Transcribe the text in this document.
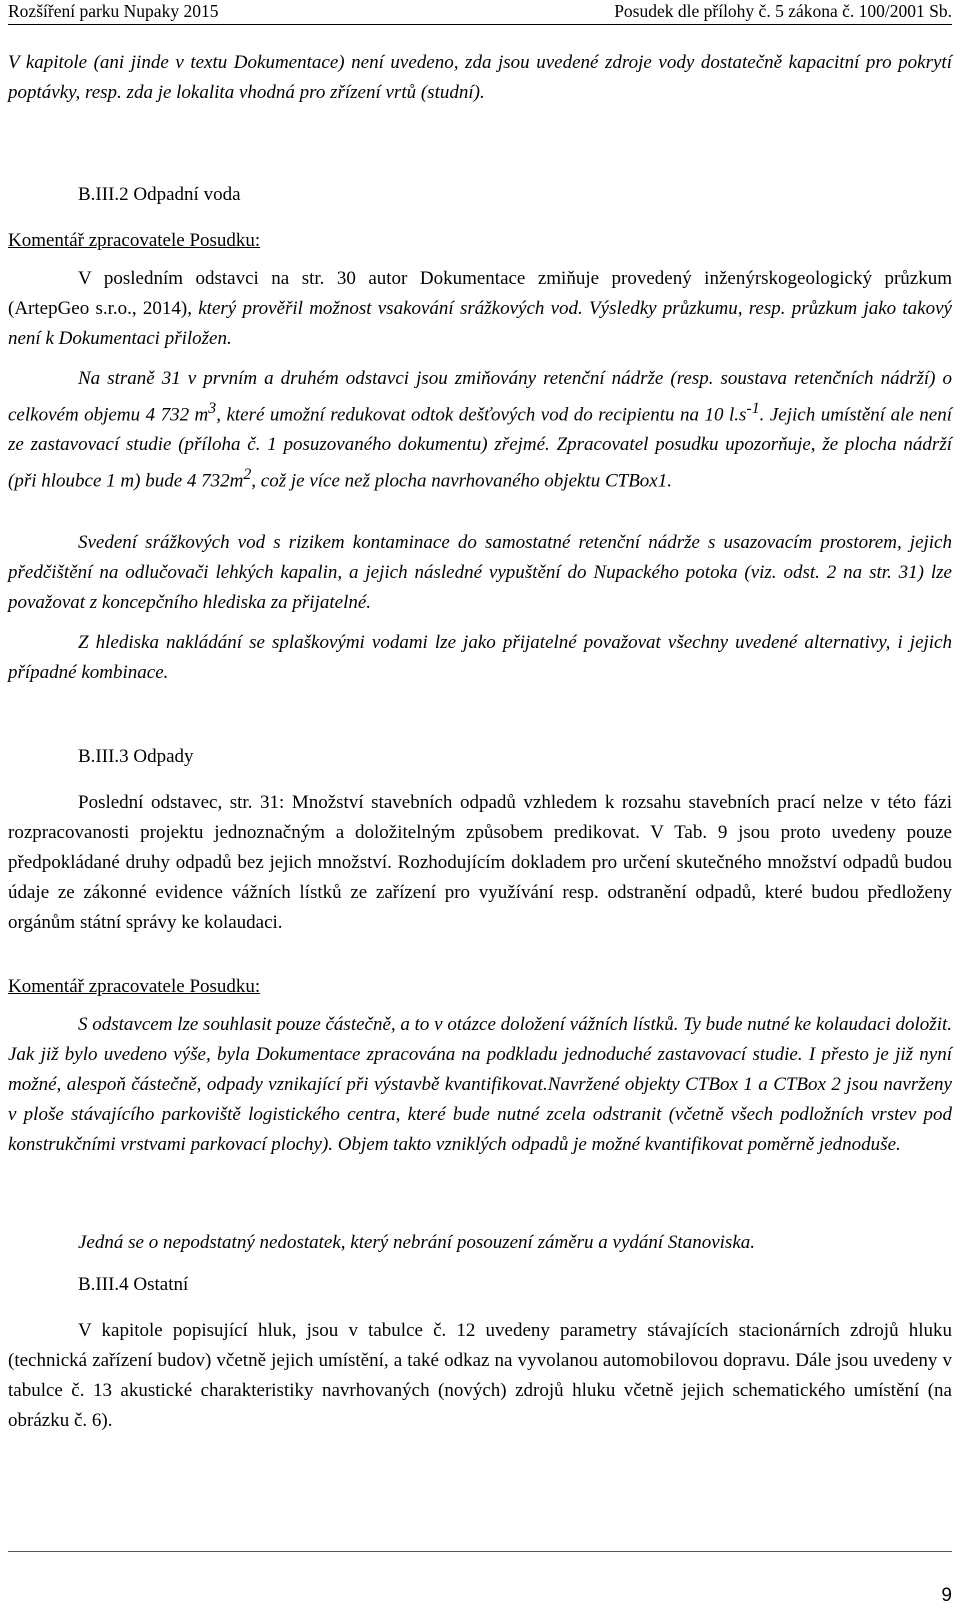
Rozšíření parku Nupaky 2015	Posudek dle přílohy č. 5 zákona č. 100/2001 Sb.

V kapitole (ani jinde v textu Dokumentace) není uvedeno, zda jsou uvedené zdroje vody dostatečně kapacitní pro pokrytí poptávky, resp. zda je lokalita vhodná pro zřízení vrtů (studní).

B.III.2 Odpadní voda

Komentář zpracovatele Posudku:

V posledním odstavci na str. 30 autor Dokumentace zmiňuje provedený inženýrskogeologický průzkum (ArtepGeo s.r.o., 2014), který prověřil možnost vsakování srážkových vod. Výsledky průzkumu, resp. průzkum jako takový není k Dokumentaci přiložen.

Na straně 31 v prvním a druhém odstavci jsou zmiňovány retenční nádrže (resp. soustava retenčních nádrží) o celkovém objemu 4 732 $m^3$, které umožní redukovat odtok dešťových vod do recipientu na 10 $l.s^{-1}$. Jejich umístění ale není ze zastavovací studie (příloha č. 1 posuzovaného dokumentu) zřejmé. Zpracovatel posudku upozorňuje, že plocha nádrží (při hloubce 1 m) bude 4 $732m^2$, což je více než plocha navrhovaného objektu CTBox1.

Svedení srážkových vod s rizikem kontaminace do samostatné retenční nádrže s usazovacím prostorem, jejich předčištění na odlučovači lehkých kapalin, a jejich následné vypuštění do Nupackého potoka (viz. odst. 2 na str. 31) lze považovat z koncepčního hlediska za přijatelné.

Z hlediska nakládání se splaškovými vodami lze jako přijatelné považovat všechny uvedené alternativy, i jejich případné kombinace.

B.III.3 Odpady

Poslední odstavec, str. 31: Množství stavebních odpadů vzhledem k rozsahu stavebních prací nelze v této fázi rozpracovanosti projektu jednoznačným a doložitelným způsobem predikovat. V Tab. 9 jsou proto uvedeny pouze předpokládané druhy odpadů bez jejich množství. Rozhodujícím dokladem pro určení skutečného množství odpadů budou údaje ze zákonné evidence vážních lístků ze zařízení pro využívání resp. odstranění odpadů, které budou předloženy orgánům státní správy ke kolaudaci.

Komentář zpracovatele Posudku:

S odstavcem lze souhlasit pouze částečně, a to v otázce doložení vážních lístků. Ty bude nutné ke kolaudaci doložit. Jak již bylo uvedeno výše, byla Dokumentace zpracována na podkladu jednoduché zastavovací studie. I přesto je již nyní možné, alespoň částečně, odpady vznikající při výstavbě kvantifikovat.Navržené objekty CTBox 1 a CTBox 2 jsou navrženy v ploše stávajícího parkoviště logistického centra, které bude nutné zcela odstranit (včetně všech podložních vrstev pod konstrukčními vrstvami parkovací plochy). Objem takto vzniklých odpadů je možné kvantifikovat poměrně jednoduše.

Jedná se o nepodstatný nedostatek, který nebrání posouzení záměru a vydání Stanoviska.

B.III.4 Ostatní

V kapitole popisující hluk, jsou v tabulce č. 12 uvedeny parametry stávajících stacionárních zdrojů hluku (technická zařízení budov) včetně jejich umístění, a také odkaz na vyvolanou automobilovou dopravu. Dále jsou uvedeny v tabulce č. 13 akustické charakteristiky navrhovaných (nových) zdrojů hluku včetně jejich schematického umístění (na obrázku č. 6).

9
